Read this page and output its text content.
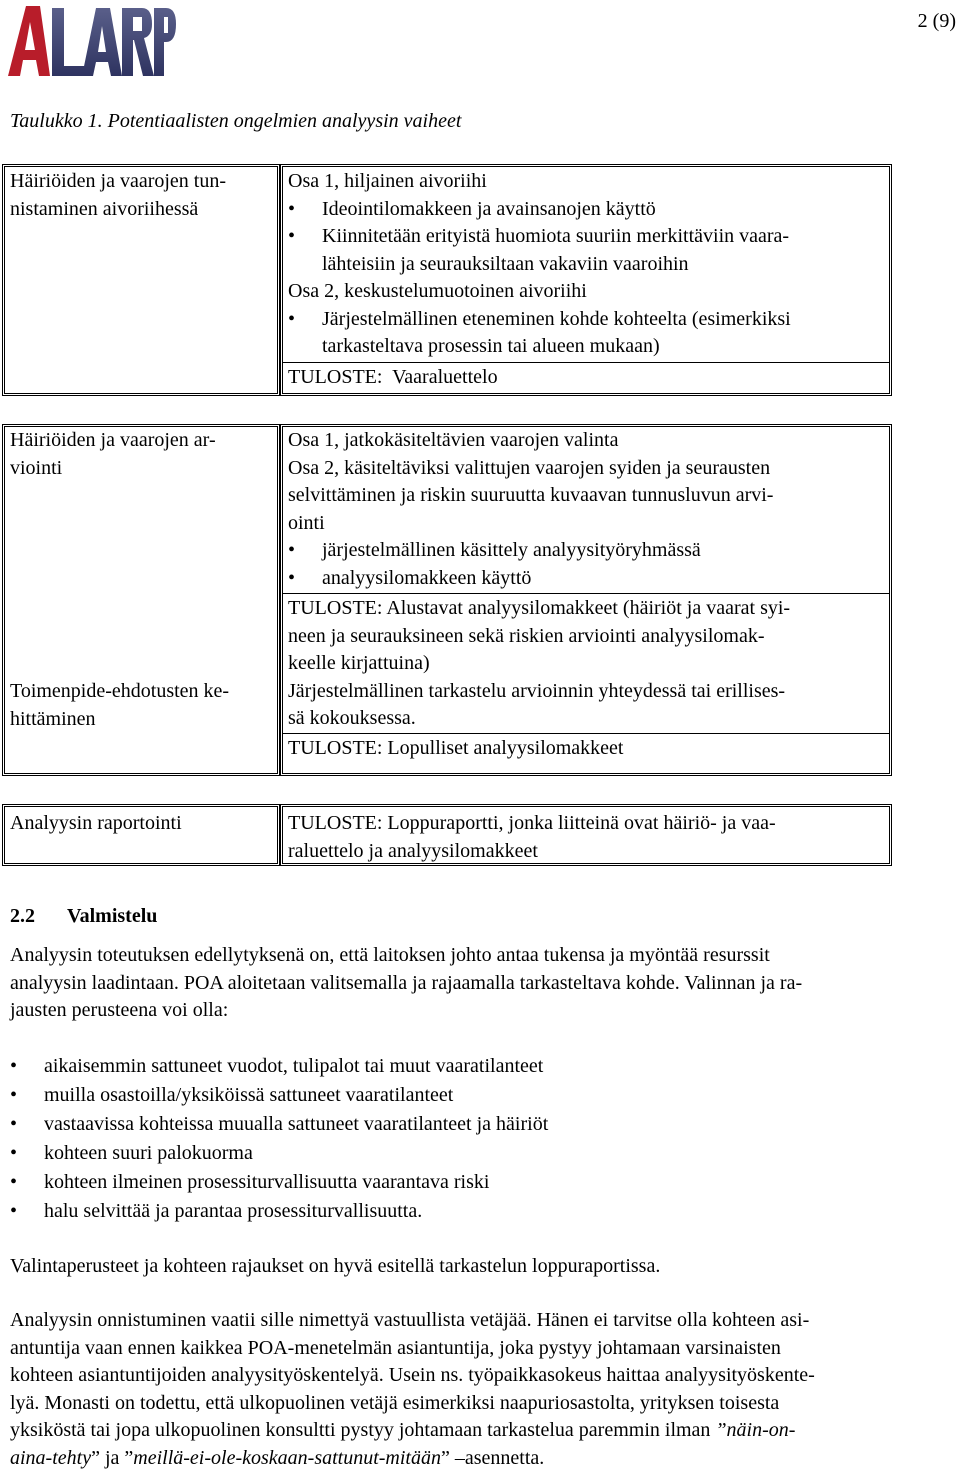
2 (9)
Taulukko 1. Potentiaalisten ongelmien analyysin vaiheet
Häiriöiden ja vaarojen tun-
nistaminen aivoriihessä
Osa 1, hiljainen aivoriihi
• Ideointilomakkeen ja avainsanojen käyttö
• Kiinnitetään erityistä huomiota suuriin merkittäviin vaara-
lähteisiin ja seurauksiltaan vakaviin vaaroihin
Osa 2, keskustelumuotoinen aivoriihi
• Järjestelmällinen eteneminen kohde kohteelta (esimerkiksi
tarkasteltava prosessin tai alueen mukaan)
TULOSTE:  Vaaraluettelo
Häiriöiden ja vaarojen ar-
viointi
Toimenpide-ehdotusten ke-
hittäminen
Osa 1, jatkokäsiteltävien vaarojen valinta
Osa 2, käsiteltäviksi valittujen vaarojen syiden ja seurausten
selvittäminen ja riskin suuruutta kuvaavan tunnusluvun arvi-
ointi
• järjestelmällinen käsittely analyysityöryhmässä
• analyysilomakkeen käyttö
TULOSTE: Alustavat analyysilomakkeet (häiriöt ja vaarat syi-
neen ja seurauksineen sekä riskien arviointi analyysilomak-
keelle kirjattuina)
Järjestelmällinen tarkastelu arvioinnin yhteydessä tai erillises-
sä kokouksessa.
TULOSTE: Lopulliset analyysilomakkeet
Analyysin raportointi	TULOSTE: Loppuraportti, jonka liitteinä ovat häiriö- ja vaa-
raluettelo ja analyysilomakkeet
2.2 Valmistelu
Analyysin toteutuksen edellytyksenä on, että laitoksen johto antaa tukensa ja myöntää resurssit
analyysin laadintaan. POA aloitetaan valitsemalla ja rajaamalla tarkasteltava kohde. Valinnan ja ra-
jausten perusteena voi olla:
• aikaisemmin sattuneet vuodot, tulipalot tai muut vaaratilanteet
• muilla osastoilla/yksiköissä sattuneet vaaratilanteet
• vastaavissa kohteissa muualla sattuneet vaaratilanteet ja häiriöt
• kohteen suuri palokuorma
• kohteen ilmeinen prosessiturvallisuutta vaarantava riski
• halu selvittää ja parantaa prosessiturvallisuutta.
Valintaperusteet ja kohteen rajaukset on hyvä esitellä tarkastelun loppuraportissa.
Analyysin onnistuminen vaatii sille nimettyä vastuullista vetäjää. Hänen ei tarvitse olla kohteen asi-
antuntija vaan ennen kaikkea POA-menetelmän asiantuntija, joka pystyy johtamaan varsinaisten
kohteen asiantuntijoiden analyysityöskentelyä. Usein ns. työpaikkasokeus haittaa analyysityöskente-
lyä. Monasti on todettu, että ulkopuolinen vetäjä esimerkiksi naapuriosastolta, yrityksen toisesta
yksiköstä tai jopa ulkopuolinen konsultti pystyy johtamaan tarkastelua paremmin ilman ”näin-on-
aina-tehty” ja ”meillä-ei-ole-koskaan-sattunut-mitään” –asennetta.
